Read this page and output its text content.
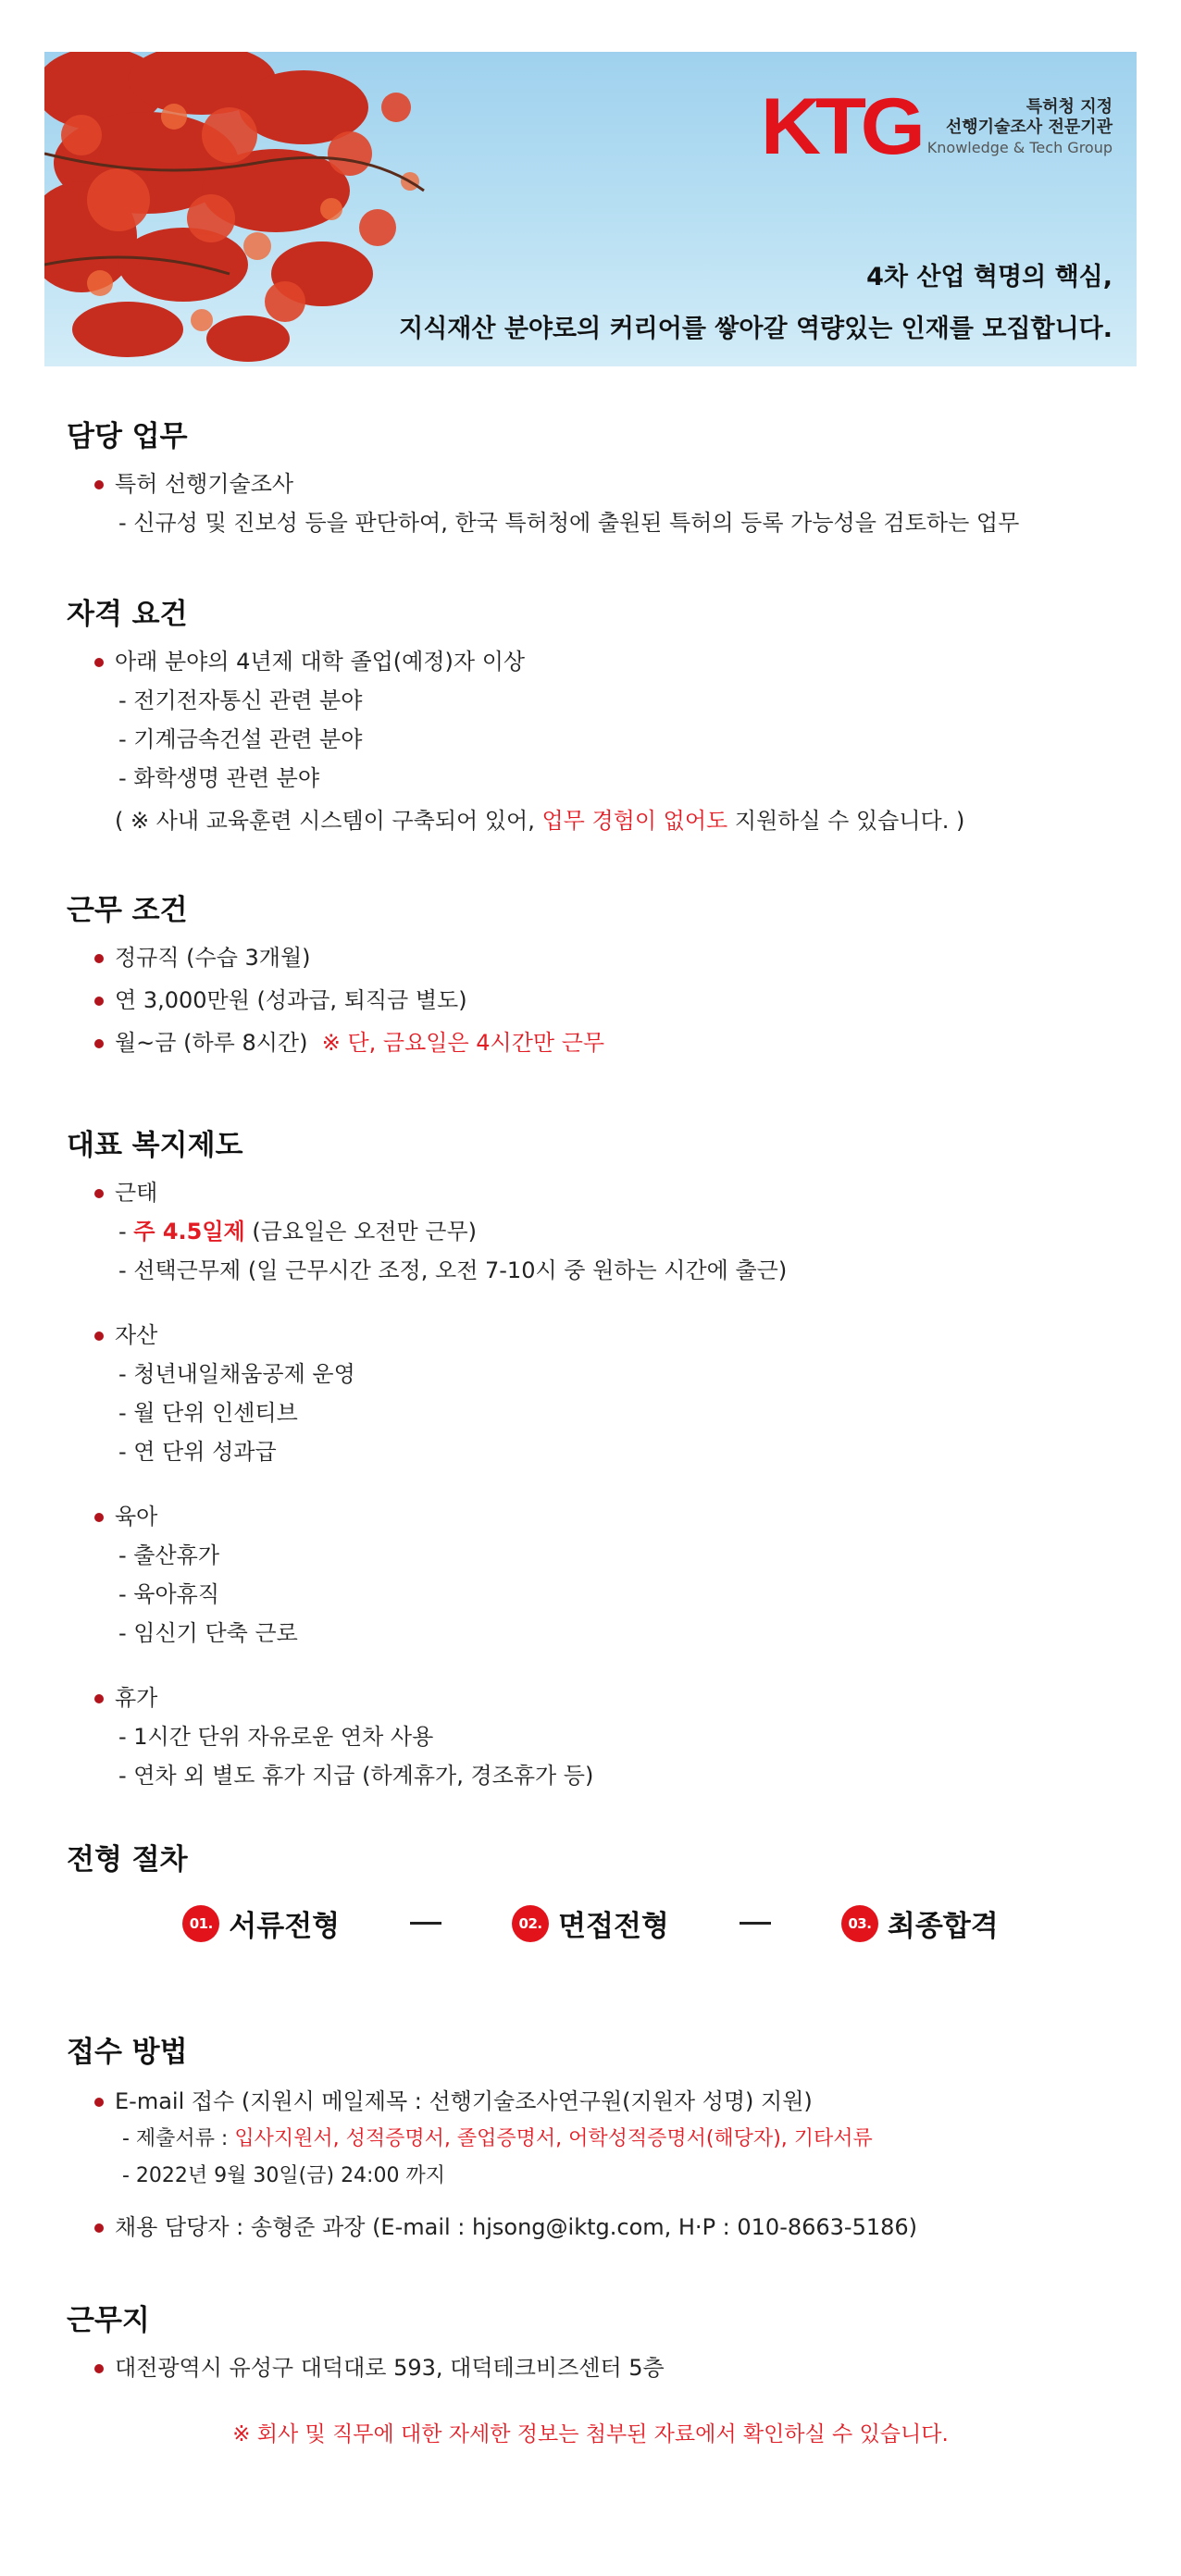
KTG	특허청 지정
선행기술조사 전문기관
Knowledge & Tech Group
4차 산업 혁명의 핵심,
지식재산 분야로의 커리어를 쌓아갈 역량있는 인재를 모집합니다.
담당 업무
특허 선행기술조사
- 신규성 및 진보성 등을 판단하여, 한국 특허청에 출원된 특허의 등록 가능성을 검토하는 업무
자격 요건
아래 분야의 4년제 대학 졸업(예정)자 이상
- 전기전자통신 관련 분야
- 기계금속건설 관련 분야
- 화학생명 관련 분야
( ※ 사내 교육훈련 시스템이 구축되어 있어, 업무 경험이 없어도 지원하실 수 있습니다. )
근무 조건
정규직 (수습 3개월)
연 3,000만원 (성과급, 퇴직금 별도)
월~금 (하루 8시간) ※ 단, 금요일은 4시간만 근무
대표 복지제도
근태
- 주 4.5일제 (금요일은 오전만 근무)
- 선택근무제 (일 근무시간 조정, 오전 7-10시 중 원하는 시간에 출근)
자산
- 청년내일채움공제 운영
- 월 단위 인센티브
- 연 단위 성과급
육아
- 출산휴가
- 육아휴직
- 임신기 단축 근로
휴가
- 1시간 단위 자유로운 연차 사용
- 연차 외 별도 휴가 지급 (하계휴가, 경조휴가 등)
전형 절차
01. 서류전형	02. 면접전형	03. 최종합격
접수 방법
E-mail 접수 (지원시 메일제목 : 선행기술조사연구원(지원자 성명) 지원)
- 제출서류 : 입사지원서, 성적증명서, 졸업증명서, 어학성적증명서(해당자), 기타서류
- 2022년 9월 30일(금) 24:00 까지
채용 담당자 : 송형준 과장 (E-mail : hjsong@iktg.com, H·P : 010-8663-5186)
근무지
대전광역시 유성구 대덕대로 593, 대덕테크비즈센터 5층
※ 회사 및 직무에 대한 자세한 정보는 첨부된 자료에서 확인하실 수 있습니다.
